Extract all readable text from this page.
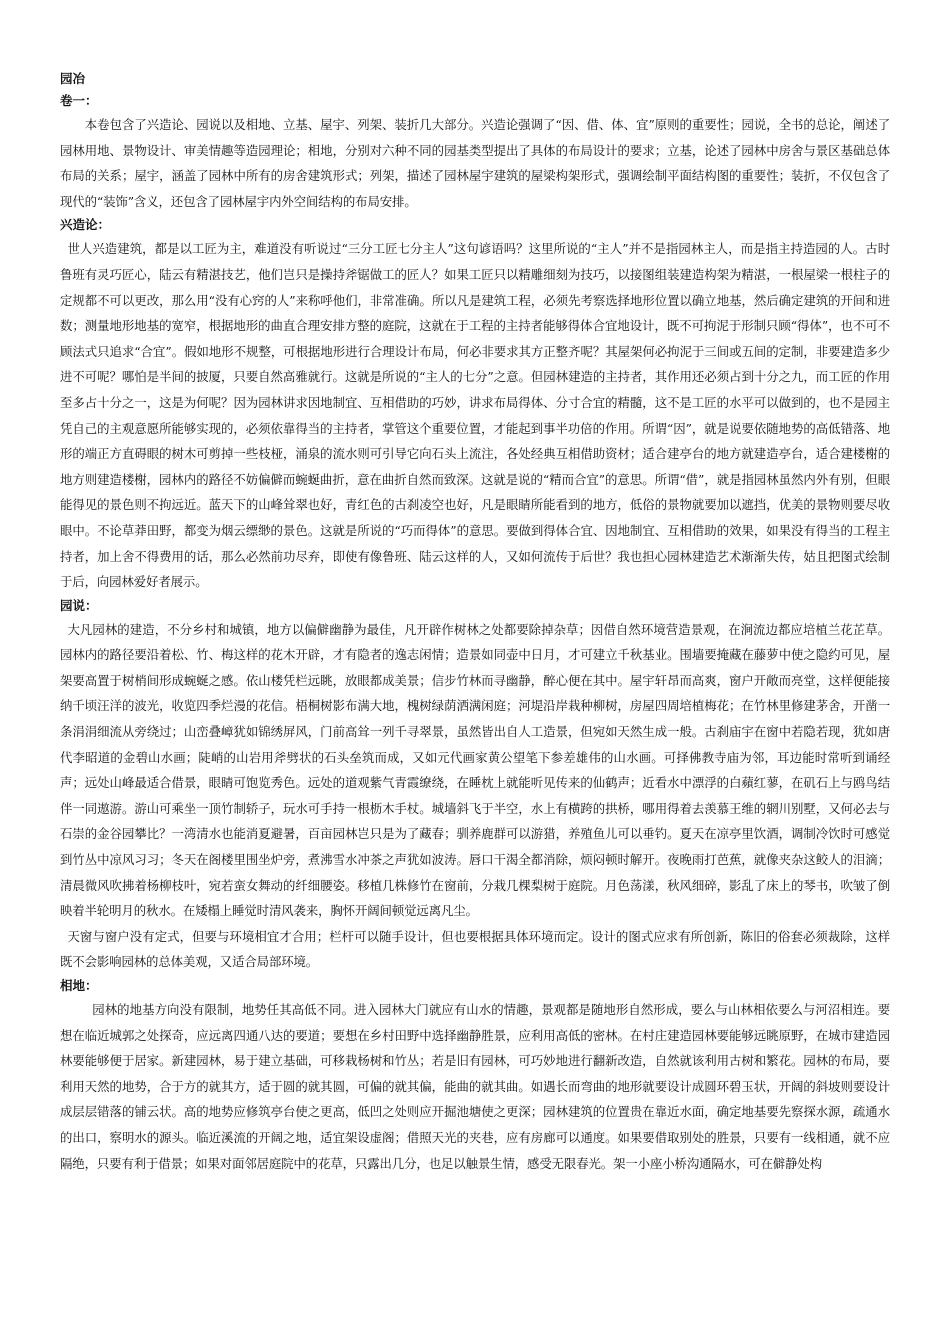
园冶
卷一：

本卷包含了兴造论、园说以及相地、立基、屋宇、列架、装折几大部分。兴造论强调了“因、借、体、宜”原则的重要性；园说，全书的总论，阐述了园林用地、景物设计、审美情趣等造园理论；相地，分别对六种不同的园基类型提出了具体的布局设计的要求；立基，论述了园林中房舍与景区基础总体布局的关系；屋宇，涵盖了园林中所有的房舍建筑形式；列架，描述了园林屋宇建筑的屋梁构架形式，强调绘制平面结构图的重要性；装折，不仅包含了现代的“装饰”含义，还包含了园林屋宇内外空间结构的布局安排。

兴造论：

世人兴造建筑，都是以工匠为主，难道没有听说过“三分工匠七分主人”这句谚语吗？这里所说的“主人”并不是指园林主人，而是指主持造园的人。古时鲁班有灵巧匠心，陆云有精湛技艺，他们岂只是操持斧锯做工的匠人？如果工匠只以精雕细刻为技巧，以接图组装建造构架为精湛，一根屋梁一根柱子的定规都不可以更改，那么用“没有心窍的人”来称呼他们，非常准确。所以凡是建筑工程，必须先考察选择地形位置以确立地基，然后确定建筑的开间和进数；测量地形地基的宽窄，根据地形的曲直合理安排方整的庭院，这就在于工程的主持者能够得体合宜地设计，既不可拘泥于形制只顾“得体”，也不可不顾法式只追求“合宜”。假如地形不规整，可根据地形进行合理设计布局，何必非要求其方正整齐呢？其屋架何必拘泥于三间或五间的定制，非要建造多少进不可呢？哪怕是半间的披厦，只要自然高雅就行。这就是所说的“主人的七分”之意。但园林建造的主持者，其作用还必须占到十分之九，而工匠的作用至多占十分之一，这是为何呢？因为园林讲求因地制宜、互相借助的巧妙，讲求布局得体、分寸合宜的精髓，这不是工匠的水平可以做到的，也不是园主凭自己的主观意愿所能够实现的，必须依靠得当的主持者，掌管这个重要位置，才能起到事半功倍的作用。所谓“因”，就是说要依随地势的高低错落、地形的端正方直碍眼的树木可剪掉一些枝桠，涌泉的流水则可引导它向石头上流注，各处经典互相借助资材；适合建亭台的地方就建造亭台，适合建楼榭的地方则建造楼榭，园林内的路径不妨偏僻而蜿蜒曲折，意在曲折自然而致深。这就是说的“精而合宜”的意思。所谓“借”，就是指园林虽然内外有别，但眼能得见的景色则不拘远近。蓝天下的山峰耸翠也好，青红色的古刹凌空也好，凡是眼睛所能看到的地方，低俗的景物就要加以遮挡，优美的景物则要尽收眼中。不论草莽田野，都变为烟云缥缈的景色。这就是所说的“巧而得体”的意思。要做到得体合宜、因地制宜、互相借助的效果，如果没有得当的工程主持者，加上舍不得费用的话，那么必然前功尽弃，即使有像鲁班、陆云这样的人，又如何流传于后世？我也担心园林建造艺术渐渐失传，姑且把图式绘制于后，向园林爱好者展示。

园说：

大凡园林的建造，不分乡村和城镇，地方以偏僻幽静为最佳，凡开辟作树林之处都要除掉杂草；因借自然环境营造景观，在涧流边都应培植兰花芷草。园林内的路径要沿着松、竹、梅这样的花木开辟，才有隐者的逸志闲情；造景如同壶中日月，才可建立千秋基业。围墙要掩藏在藤萝中使之隐约可见，屋架要高置于树梢间形成蜿蜒之感。依山楼凭栏远眺，放眼都成美景；信步竹林而寻幽静，醉心便在其中。屋宇轩昂而高爽，窗户开敞而亮堂，这样便能接纳千顷汪洋的波光，收览四季烂漫的花信。梧桐树影布满大地，槐树绿荫洒满闲庭；河堤沿岸栽种柳树，房屋四周培植梅花；在竹林里修建茅舍，开凿一条涓涓细流从旁绕过；山峦叠嶂犹如锦绣屏风，门前高耸一列千寻翠景，虽然皆出自人工造景，但宛如天然生成一般。古刹庙宇在窗中若隐若现，犹如唐代李昭道的金碧山水画；陡峭的山岩用斧劈状的石头垒筑而成，又如元代画家黄公望笔下参差雄伟的山水画。可择佛教寺庙为邻，耳边能时常听到诵经声；远处山峰最适合借景，眼睛可饱览秀色。远处的道观紫气青霞缭绕，在睡枕上就能听见传来的仙鹤声；近看水中漂浮的白蘋红蓼，在矶石上与鸥鸟结伴一同遨游。游山可乘坐一顶竹制轿子，玩水可手持一根枥木手杖。城墙斜飞于半空，水上有横跨的拱桥，哪用得着去羡慕王维的辋川别墅，又何必去与石崇的金谷园攀比？一湾清水也能消夏避暑，百亩园林岂只是为了藏春；驯养鹿群可以游猎，养殖鱼儿可以垂钓。夏天在凉亭里饮酒，调制冷饮时可感觉到竹丛中凉风习习；冬天在阁楼里围坐炉旁，煮沸雪水冲茶之声犹如波涛。唇口干渴全都消除，烦闷顿时解开。夜晚雨打芭蕉，就像夹杂这鲛人的泪滴；清晨微风吹拂着杨柳枝叶，宛若蛮女舞动的纤细腰姿。移植几株修竹在窗前，分栽几棵梨树于庭院。月色荡漾，秋风细碎，影乱了床上的琴书，吹皱了倒映着半轮明月的秋水。在矮榻上睡觉时清风袭来，胸怀开阔间顿觉远离凡尘。

天窗与窗户没有定式，但要与环境相宜才合用；栏杆可以随手设计，但也要根据具体环境而定。设计的图式应求有所创新，陈旧的俗套必须裁除，这样既不会影响园林的总体美观，又适合局部环境。

相地：

园林的地基方向没有限制，地势任其高低不同。进入园林大门就应有山水的情趣，景观都是随地形自然形成，要么与山林相依要么与河沼相连。要想在临近城郭之处探奇，应远离四通八达的要道；要想在乡村田野中选择幽静胜景，应利用高低的密林。在村庄建造园林要能够远眺原野，在城市建造园林要能够便于居家。新建园林，易于建立基础，可移栽杨树和竹丛；若是旧有园林，可巧妙地进行翻新改造，自然就该利用古树和繁花。园林的布局，要利用天然的地势，合于方的就其方，适于圆的就其圆，可偏的就其偏，能曲的就其曲。如遇长而弯曲的地形就要设计成圆环碧玉状，开阔的斜坡则要设计成层层错落的铺云状。高的地势应修筑亭台使之更高，低凹之处则应开掘池塘使之更深；园林建筑的位置贵在靠近水面，确定地基要先察探水源，疏通水的出口，察明水的源头。临近溪流的开阔之地，适宜架设虚阁；借照天光的夹巷，应有房廊可以通度。如果要借取别处的胜景，只要有一线相通，就不应隔绝，只要有利于借景；如果对面邻居庭院中的花草，只露出几分，也足以触景生情，感受无限春光。架一小座小桥沟通隔水，可在僻静处构
